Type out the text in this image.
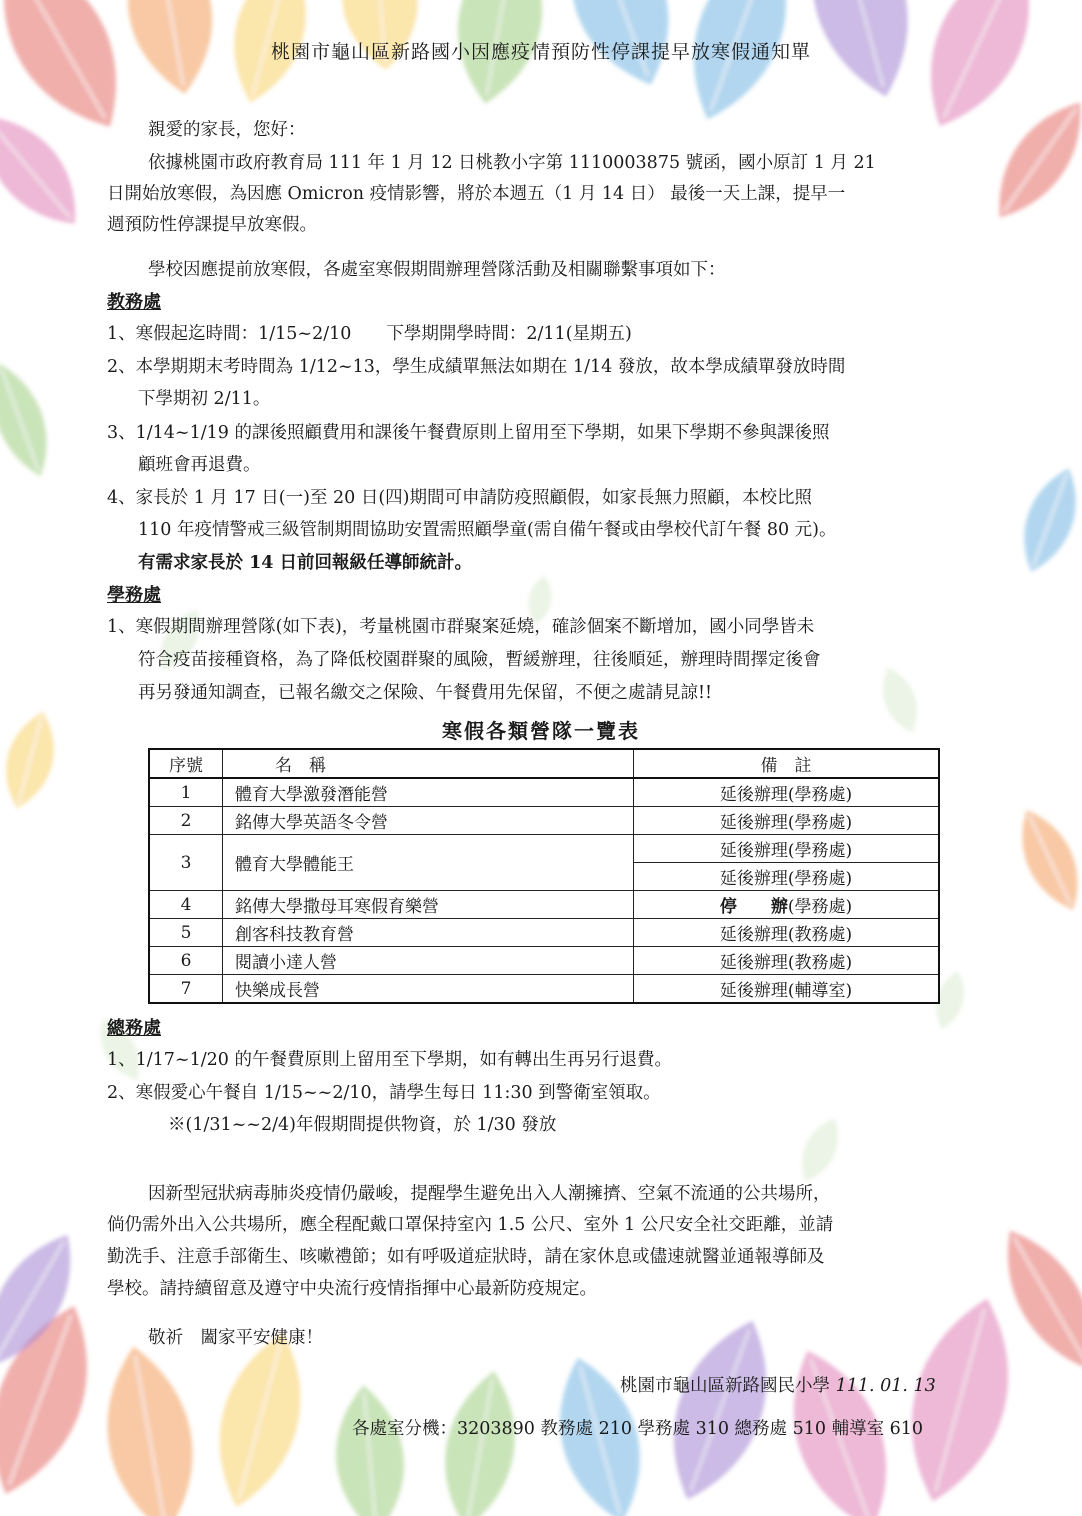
桃園市龜山區新路國小因應疫情預防性停課提早放寒假通知單
親愛的家長，您好：
依據桃園市政府教育局 111 年 1 月 12 日桃教小字第 1110003875 號函，國小原訂 1 月 21
日開始放寒假，為因應 Omicron 疫情影響，將於本週五（1 月 14 日） 最後一天上課，提早一
週預防性停課提早放寒假。
學校因應提前放寒假，各處室寒假期間辦理營隊活動及相關聯繫事項如下：
教務處
1、寒假起迄時間：1/15~2/10　　下學期開學時間：2/11(星期五)
2、本學期期末考時間為 1/12~13，學生成績單無法如期在 1/14 發放，故本學成績單發放時間
下學期初 2/11。
3、1/14~1/19 的課後照顧費用和課後午餐費原則上留用至下學期，如果下學期不參與課後照
顧班會再退費。
4、家長於 1 月 17 日(一)至 20 日(四)期間可申請防疫照顧假，如家長無力照顧，本校比照
110 年疫情警戒三級管制期間協助安置需照顧學童(需自備午餐或由學校代訂午餐 80 元)。
有需求家長於 14 日前回報級任導師統計。
學務處
1、寒假期間辦理營隊(如下表)，考量桃園市群聚案延燒，確診個案不斷增加，國小同學皆未
符合疫苗接種資格，為了降低校園群聚的風險，暫緩辦理，往後順延，辦理時間擇定後會
再另發通知調查，已報名繳交之保險、午餐費用先保留，不便之處請見諒!!
寒假各類營隊一覽表
序號	名　稱	備　註
1	體育大學激發潛能營	延後辦理(學務處)
2	銘傳大學英語冬令營	延後辦理(學務處)
3	體育大學體能王	延後辦理(學務處)
		延後辦理(學務處)
4	銘傳大學撒母耳寒假育樂營	停　　辦(學務處)
5	創客科技教育營	延後辦理(教務處)
6	閱讀小達人營	延後辦理(教務處)
7	快樂成長營	延後辦理(輔導室)
總務處
1、1/17~1/20 的午餐費原則上留用至下學期，如有轉出生再另行退費。
2、寒假愛心午餐自 1/15~~2/10，請學生每日 11:30 到警衛室領取。
※(1/31~~2/4)年假期間提供物資，於 1/30 發放
因新型冠狀病毒肺炎疫情仍嚴峻，提醒學生避免出入人潮擁擠、空氣不流通的公共場所，
倘仍需外出入公共場所，應全程配戴口罩保持室內 1.5 公尺、室外 1 公尺安全社交距離，並請
勤洗手、注意手部衛生、咳嗽禮節；如有呼吸道症狀時，請在家休息或儘速就醫並通報導師及
學校。請持續留意及遵守中央流行疫情指揮中心最新防疫規定。
敬祈　闔家平安健康！
桃園市龜山區新路國民小學 111. 01. 13
各處室分機：3203890 教務處 210 學務處 310 總務處 510 輔導室 610
